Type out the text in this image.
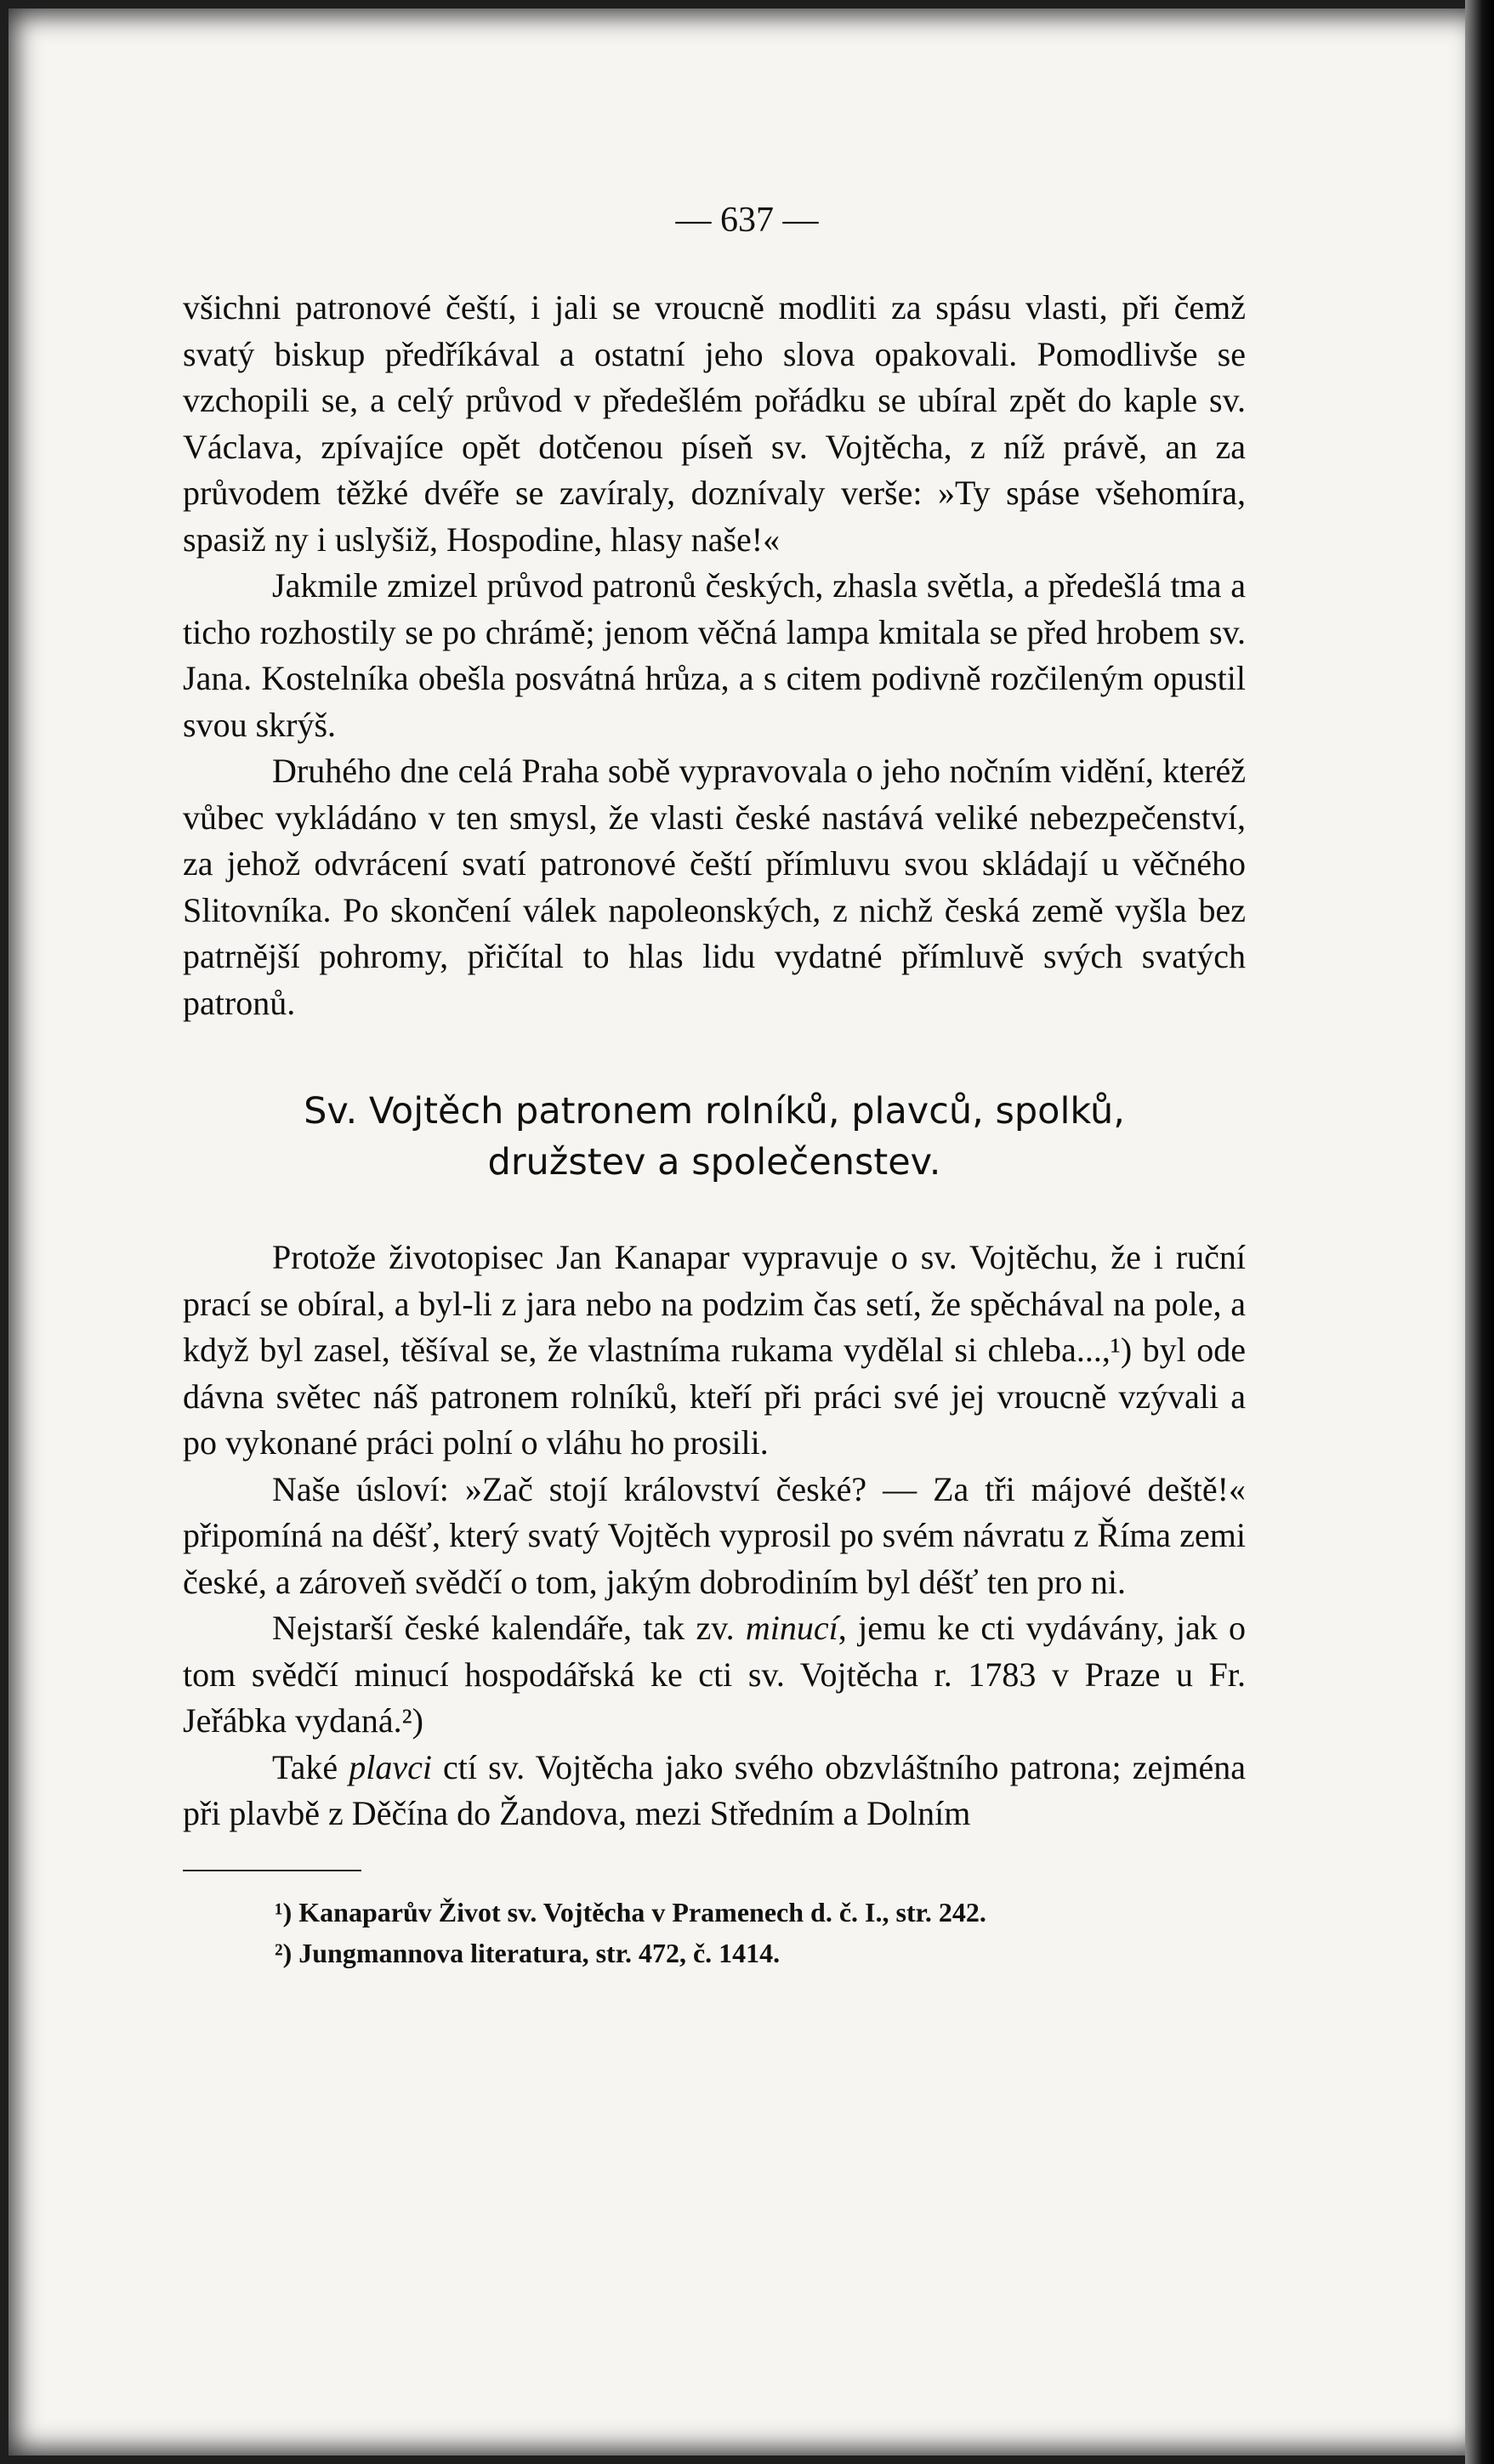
— 637 —

všichni patronové čeští, i jali se vroucně modliti za spásu vlasti, při čemž svatý biskup předříkával a ostatní jeho slova opakovali. Pomodlivše se vzchopili se, a celý průvod v předešlém pořádku se ubíral zpět do kaple sv. Václava, zpívajíce opět dotčenou píseň sv. Vojtěcha, z níž právě, an za průvodem těžké dvéře se zavíraly, doznívaly verše: »Ty spáse všehomíra, spasiž ny i uslyšiž, Hospodine, hlasy naše!«

Jakmile zmizel průvod patronů českých, zhasla světla, a předešlá tma a ticho rozhostily se po chrámě; jenom věčná lampa kmitala se před hrobem sv. Jana. Kostelníka obešla posvátná hrůza, a s citem podivně rozčileným opustil svou skrýš.

Druhého dne celá Praha sobě vypravovala o jeho nočním vidění, kteréž vůbec vykládáno v ten smysl, že vlasti české nastává veliké nebezpečenství, za jehož odvrácení svatí patronové čeští přímluvu svou skládají u věčného Slitovníka. Po skončení válek napoleonských, z nichž česká země vyšla bez patrnější pohromy, přičítal to hlas lidu vydatné přímluvě svých svatých patronů.

Sv. Vojtěch patronem rolníků, plavců, spolků,
družstev a společenstev.

Protože životopisec Jan Kanapar vypravuje o sv. Vojtěchu, že i ruční prací se obíral, a byl-li z jara nebo na podzim čas setí, že spěchával na pole, a když byl zasel, těšíval se, že vlastníma rukama vydělal si chleba...,¹) byl ode dávna světec náš patronem rolníků, kteří při práci své jej vroucně vzývali a po vykonané práci polní o vláhu ho prosili.

Naše úsloví: »Zač stojí království české? — Za tři májové deště!« připomíná na déšť, který svatý Vojtěch vyprosil po svém návratu z Říma zemi české, a zároveň svědčí o tom, jakým dobrodiním byl déšť ten pro ni.

Nejstarší české kalendáře, tak zv. minucí, jemu ke cti vydávány, jak o tom svědčí minucí hospodářská ke cti sv. Vojtěcha r. 1783 v Praze u Fr. Jeřábka vydaná.²)

Také plavci ctí sv. Vojtěcha jako svého obzvláštního patrona; zejména při plavbě z Děčína do Žandova, mezi Středním a Dolním

¹) Kanaparův Život sv. Vojtěcha v Pramenech d. č. I., str. 242.

²) Jungmannova literatura, str. 472, č. 1414.
